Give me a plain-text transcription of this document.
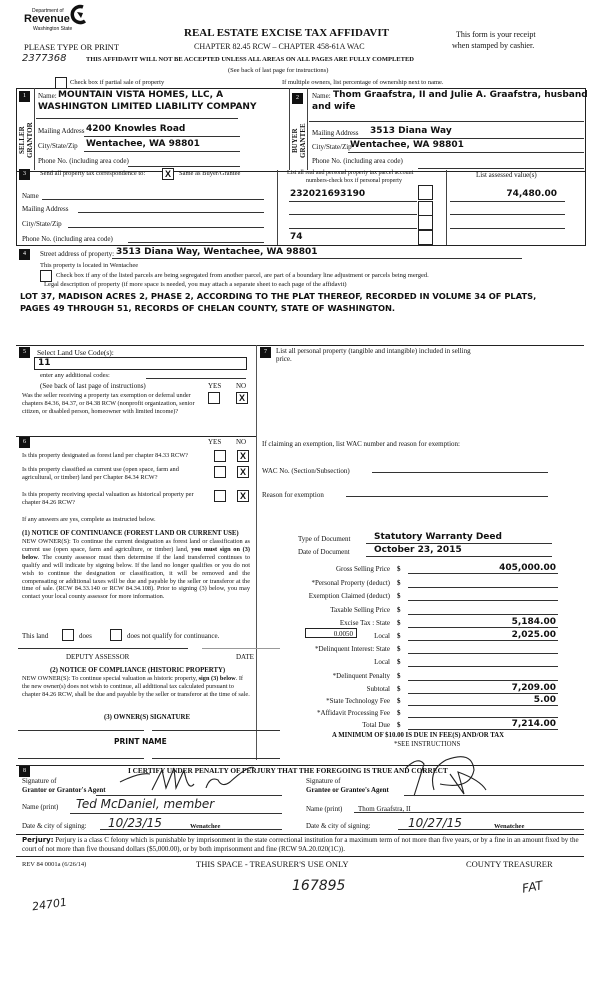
Department of
Revenue
Washington State	REAL ESTATE EXCISE TAX AFFIDAVIT
CHAPTER 82.45 RCW – CHAPTER 458-61A WAC
PLEASE TYPE OR PRINT
This form is your receipt
when stamped by cashier.
2377368	THIS AFFIDAVIT WILL NOT BE ACCEPTED UNLESS ALL AREAS ON ALL PAGES ARE FULLY COMPLETED
(See back of last page for instructions)
Check box if partial sale of property	If multiple owners, list percentage of ownership next to name.
1
SELLER
GRANTOR
Name: MOUNTAIN VISTA HOMES, LLC, A
WASHINGTON LIMITED LIABILITY COMPANY
Mailing Address 4200 Knowles Road
City/State/Zip Wentachee, WA 98801
Phone No. (including area code)
2
BUYER
GRANTEE
Name: Thom Graafstra, II and Julie A. Graafstra, husband
and wife
Mailing Address 3513 Diana Way
City/State/Zip
Wentachee, WA 98801
Phone No. (including area code)
3	Send all property tax correspondence to:	X	Same as Buyer/Grantee
Name
Mailing Address
City/State/Zip
Phone No. (including area code)
List all real and personal property tax parcel account
numbers-check box if personal property
List assessed value(s)
232021693190	74,480.00
74
4	Street address of property: 3513 Diana Way, Wentachee, WA 98801
This property is located in Wentachee
Check box if any of the listed parcels are being segregated from another parcel, are part of a boundary line adjustment or parcels being merged.
Legal description of property (if more space is needed, you may attach a separate sheet to each page of the affidavit)
LOT 37, MADISON ACRES 2, PHASE 2, ACCORDING TO THE PLAT THEREOF, RECORDED IN VOLUME 34 OF PLATS,
PAGES 49 THROUGH 51, RECORDS OF CHELAN COUNTY, STATE OF WASHINGTON.
5	Select Land Use Code(s):
11
enter any additional codes:
(See back of last page of instructions)	YES NO
Was the seller receiving a property tax exemption or deferral under chapters 84.36, 84.37, or 84.38 RCW (nonprofit organization, senior citizen, or disabled person, homeowner with limited income)?
X
6	YES NO
Is this property designated as forest land per chapter 84.33 RCW?	X
Is this property classified as current use (open space, farm and agricultural, or timber) land per Chapter 84.34 RCW?
X
Is this property receiving special valuation as historical property per chapter 84.26 RCW?
X
If any answers are yes, complete as instructed below.
(1) NOTICE OF CONTINUANCE (FOREST LAND OR CURRENT USE)
NEW OWNER(S): To continue the current designation as forest land or classification as current use (open space, farm and agriculture, or timber) land, you must sign on (3) below. The county assessor must then determine if the land transferred continues to qualify and will indicate by signing below. If the land no longer qualifies or you do not wish to continue the designation or classification, it will be removed and the compensating or additional taxes will be due and payable by the seller or transferor at the time of sale. (RCW 84.33.140 or RCW 84.34.108). Prior to signing (3) below, you may contact your local county assessor for more information.
This land	does	does not qualify for continuance.
DEPUTY ASSESSOR	DATE
(2) NOTICE OF COMPLIANCE (HISTORIC PROPERTY)
NEW OWNER(S): To continue special valuation as historic property, sign (3) below. If the new owner(s) does not wish to continue, all additional tax calculated pursuant to chapter 84.26 RCW, shall be due and payable by the seller or transferor at the time of sale.
(3) OWNER(S) SIGNATURE
PRINT NAME
7	List all personal property (tangible and intangible) included in selling price.
If claiming an exemption, list WAC number and reason for exemption:
WAC No. (Section/Subsection)
Reason for exemption
Type of Document	Statutory Warranty Deed
Date of Document	October 23, 2015
Gross Selling Price $	405,000.00
*Personal Property (deduct) $
Exemption Claimed (deduct) $
Taxable Selling Price $
Excise Tax : State $	5,184.00
Local $	2,025.00
*Delinquent Interest: State $
Local $
*Delinquent Penalty $
Subtotal $	7,209.00
*State Technology Fee $	5.00
*Affidavit Processing Fee $
Total Due $	7,214.00
0.0050
A MINIMUM OF $10.00 IS DUE IN FEE(S) AND/OR TAX
*SEE INSTRUCTIONS
8	I CERTIFY UNDER PENALTY OF PERJURY THAT THE FOREGOING IS TRUE AND CORRECT
Signature of
Grantor or Grantor's Agent
Name (print) Ted McDaniel, member
Date & city of signing: 10/23/15	Wenatchee
Signature of
Grantee or Grantee's Agent
Name (print) Thom Graafstra, II
Date & city of signing:	10/27/15	Wenatchee
Perjury: Perjury is a class C felony which is punishable by imprisonment in the state correctional institution for a maximum term of not more than five years, or by a fine in an amount fixed by the court of not more than five thousand dollars ($5,000.00), or by both imprisonment and fine (RCW 9A.20.020(1C)).
REV 84 0001a (6/26/14)	THIS SPACE - TREASURER'S USE ONLY	COUNTY TREASURER
24701
167895	FAT
